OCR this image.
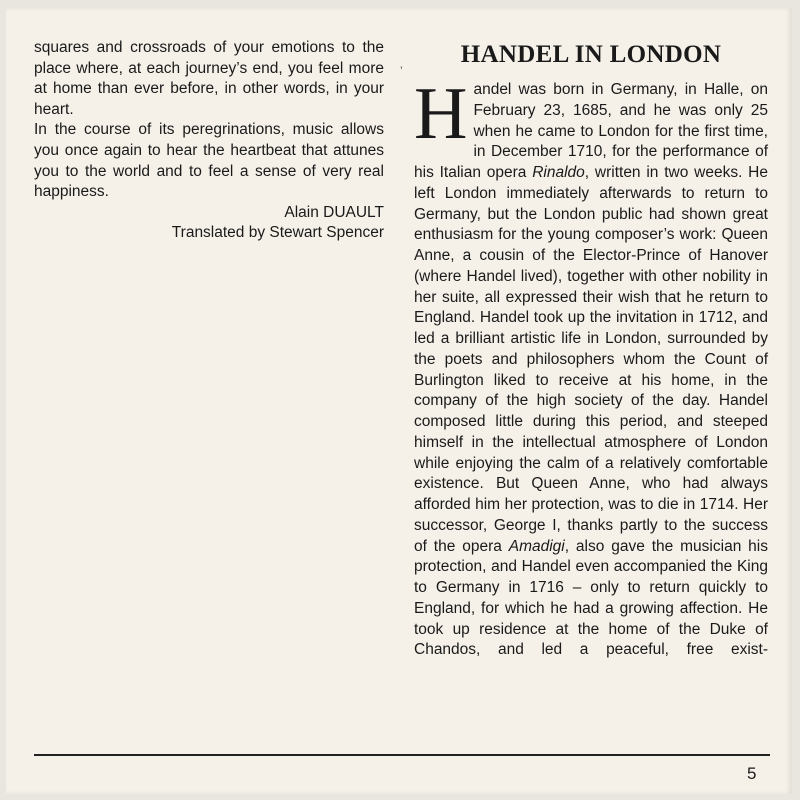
squares and crossroads of your emotions to the place where, at each journey’s end, you feel more at home than ever before, in other words, in your heart.

In the course of its peregrinations, music allows you once again to hear the heartbeat that attunes you to the world and to feel a sense of very real happiness.

Alain DUAULT

Translated by Stewart Spencer

’
HANDEL IN LONDON

Handel was born in Germany, in Halle, on February 23, 1685, and he was only 25 when he came to London for the first time, in December 1710, for the performance of his Italian opera Rinaldo, written in two weeks. He left London immediately afterwards to return to Germany, but the London public had shown great enthusiasm for the young composer’s work: Queen Anne, a cousin of the Elector-Prince of Hanover (where Handel lived), together with other nobility in her suite, all expressed their wish that he return to England. Handel took up the invitation in 1712, and led a brilliant artistic life in London, surrounded by the poets and philosophers whom the Count of Burlington liked to receive at his home, in the company of the high society of the day. Handel composed little during this period, and steeped himself in the intellectual atmosphere of London while enjoying the calm of a relatively comfortable existence. But Queen Anne, who had always afforded him her protection, was to die in 1714. Her successor, George I, thanks partly to the success of the opera Amadigi, also gave the musician his protection, and Handel even accompanied the King to Germany in 1716 – only to return quickly to England, for which he had a growing affection. He took up residence at the home of the Duke of Chandos, and led a peaceful, free exist-

5
